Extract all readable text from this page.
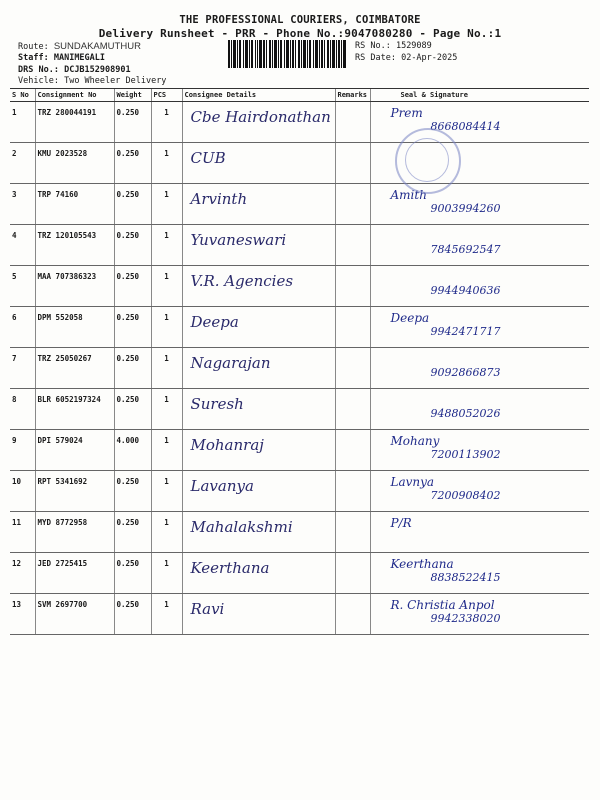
THE PROFESSIONAL COURIERS, COIMBATORE
Delivery Runsheet - PRR - Phone No.:9047080280 - Page No.:1
Route: SUNDAKAMUTHUR
Staff: MANIMEGALI
DRS No.: DCJB152908901
Vehicle: Two Wheeler Delivery
RS No.: 1529089
RS Date: 02-Apr-2025
S No	Consignment No	Weight	PCS	Consignee Details	Remarks	Seal & Signature
1	TRZ 280044191	0.250	1	Cbe Hairdonathan		Prem
8668084414

2	KMU 2023528	0.250	1	CUB		

3	TRP 74160	0.250	1	Arvinth		Amith
9003994260

4	TRZ 120105543	0.250	1	Yuvaneswari		7845692547

5	MAA 707386323	0.250	1	V.R. Agencies		9944940636

6	DPM 552058	0.250	1	Deepa		Deepa
9942471717

7	TRZ 25050267	0.250	1	Nagarajan		9092866873

8	BLR 6052197324	0.250	1	Suresh		9488052026

9	DPI 579024	4.000	1	Mohanraj		Mohany
7200113902

10	RPT 5341692	0.250	1	Lavanya		Lavnya
7200908402

11	MYD 8772958	0.250	1	Mahalakshmi		P/R

12	JED 2725415	0.250	1	Keerthana		Keerthana
8838522415

13	SVM 2697700	0.250	1	Ravi		R. Christia Anpol
9942338020
